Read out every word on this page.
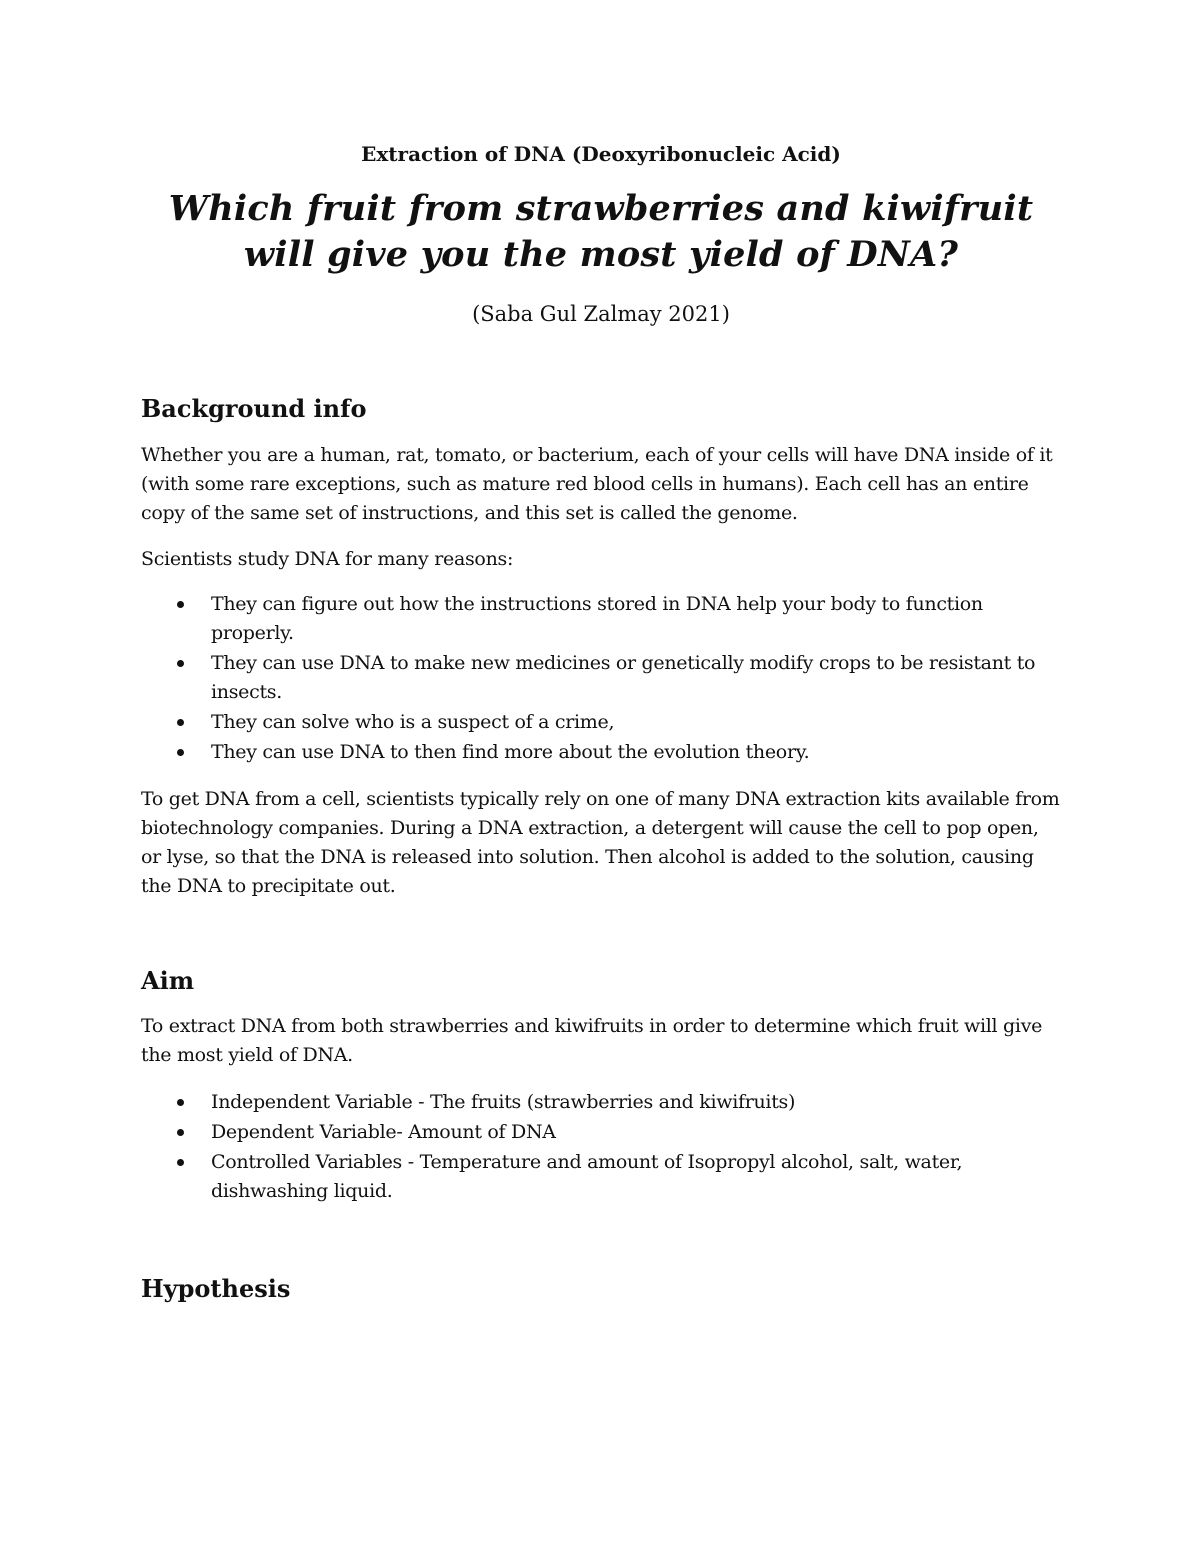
Extraction of DNA (Deoxyribonucleic Acid)

Which fruit from strawberries and kiwifruit
will give you the most yield of DNA?

(Saba Gul Zalmay 2021)

Background info

Whether you are a human, rat, tomato, or bacterium, each of your cells will have DNA inside of it (with some rare exceptions, such as mature red blood cells in humans). Each cell has an entire copy of the same set of instructions, and this set is called the genome.

Scientists study DNA for many reasons:

They can figure out how the instructions stored in DNA help your body to function properly.
They can use DNA to make new medicines or genetically modify crops to be resistant to insects.
They can solve who is a suspect of a crime,
They can use DNA to then find more about the evolution theory.

To get DNA from a cell, scientists typically rely on one of many DNA extraction kits available from biotechnology companies. During a DNA extraction, a detergent will cause the cell to pop open, or lyse, so that the DNA is released into solution. Then alcohol is added to the solution, causing the DNA to precipitate out.

Aim

To extract DNA from both strawberries and kiwifruits in order to determine which fruit will give the most yield of DNA.

Independent Variable - The fruits (strawberries and kiwifruits)
Dependent Variable- Amount of DNA
Controlled Variables - Temperature and amount of Isopropyl alcohol, salt, water, dishwashing liquid.
Hypothesis
